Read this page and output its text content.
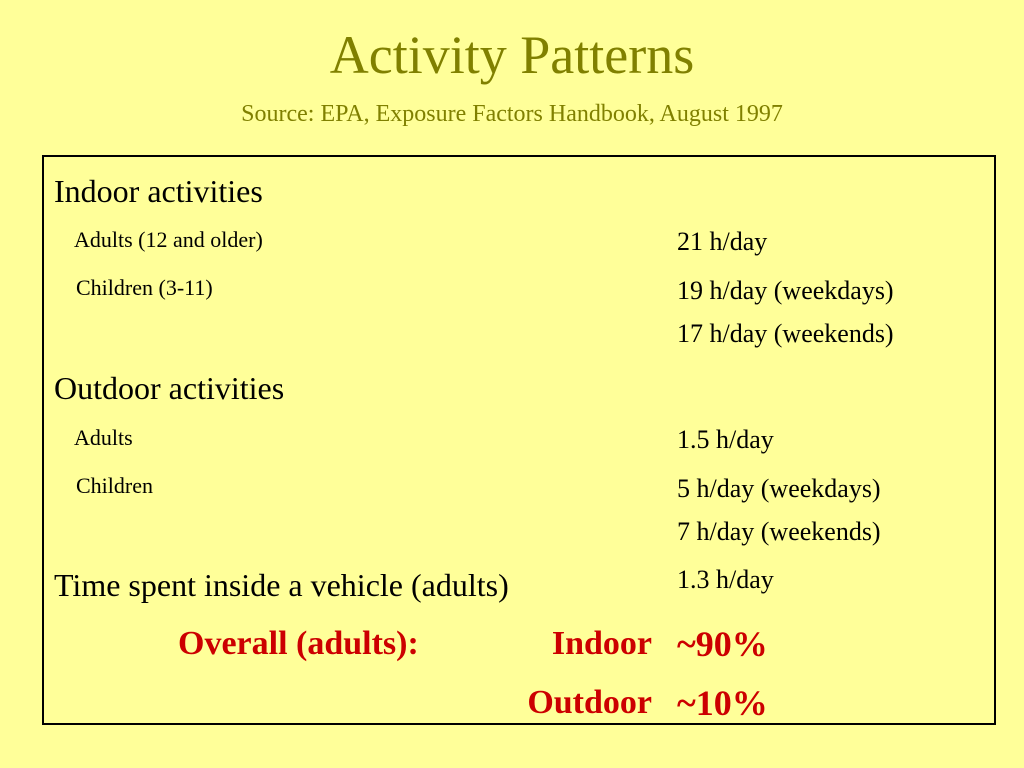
Activity Patterns
Source: EPA, Exposure Factors Handbook, August 1997
Indoor activities
Adults (12 and older)	21 h/day
Children (3-11)	19 h/day (weekdays)
17 h/day (weekends)
Outdoor activities
Adults	1.5 h/day
Children	5 h/day (weekdays)
7 h/day (weekends)
Time spent inside a vehicle (adults)	1.3 h/day
Overall (adults):	Indoor ~90%
Outdoor ~10%
